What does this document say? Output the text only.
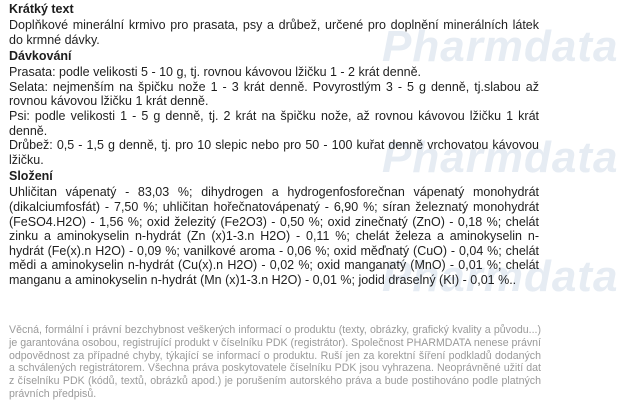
Pharmdata
Pharmdata
Pharmdata
Krátký text

Doplňkové minerální krmivo pro prasata, psy a drůbež, určené pro doplnění minerálních látek do krmné dávky.

Dávkování

Prasata: podle velikosti 5 - 10 g, tj. rovnou kávovou lžičku 1 - 2 krát denně.

Selata: nejmenším na špičku nože 1 - 3 krát denně. Povyrostlým 3 - 5 g denně, tj.slabou až rovnou kávovou lžičku 1 krát denně.

Psi: podle velikosti 1 - 5 g denně, tj. 2 krát na špičku nože, až rovnou kávovou lžičku 1 krát denně.

Drůbež: 0,5 - 1,5 g denně, tj. pro 10 slepic nebo pro 50 - 100 kuřat denně vrchovatou kávovou lžičku.

Složení

Uhličitan vápenatý - 83,03 %; dihydrogen a hydrogenfosforečnan vápenatý monohydrát (dikalciumfosfát) - 7,50 %; uhličitan hořečnatovápenatý - 6,90 %; síran železnatý monohydrát (FeSO4.H2O) - 1,56 %; oxid železitý (Fe2O3) - 0,50 %; oxid zinečnatý (ZnO) - 0,18 %; chelát zinku a aminokyselin n-hydrát (Zn (x)1-3.n H2O) - 0,11 %; chelát železa a aminokyselin n-hydrát (Fe(x).n H2O) - 0,09 %; vanilkové aroma - 0,06 %; oxid měďnatý (CuO) - 0,04 %; chelát mědi a aminokyselin n-hydrát (Cu(x).n H2O) - 0,02 %; oxid manganatý (MnO) - 0,01 %; chelát manganu a aminokyselin n-hydrát (Mn (x)1-3.n H2O) - 0,01 %; jodid draselný (KI) - 0,01 %..

Věcná, formální i právní bezchybnost veškerých informací o produktu (texty, obrázky, grafický kvality a původu...) je garantována osobou, registrující produkt v číselníku PDK (registrátor). Společnost PHARMDATA nenese právní odpovědnost za případné chyby, týkající se informací o produktu. Ruší jen za korektní šíření podkladů dodaných a schválených registrátorem. Všechna práva poskytovatele číselníku PDK jsou vyhrazena. Neoprávněné užití dat z číselníku PDK (kódů, textů, obrázků apod.) je porušením autorského práva a bude postihováno podle platných právních předpisů.
